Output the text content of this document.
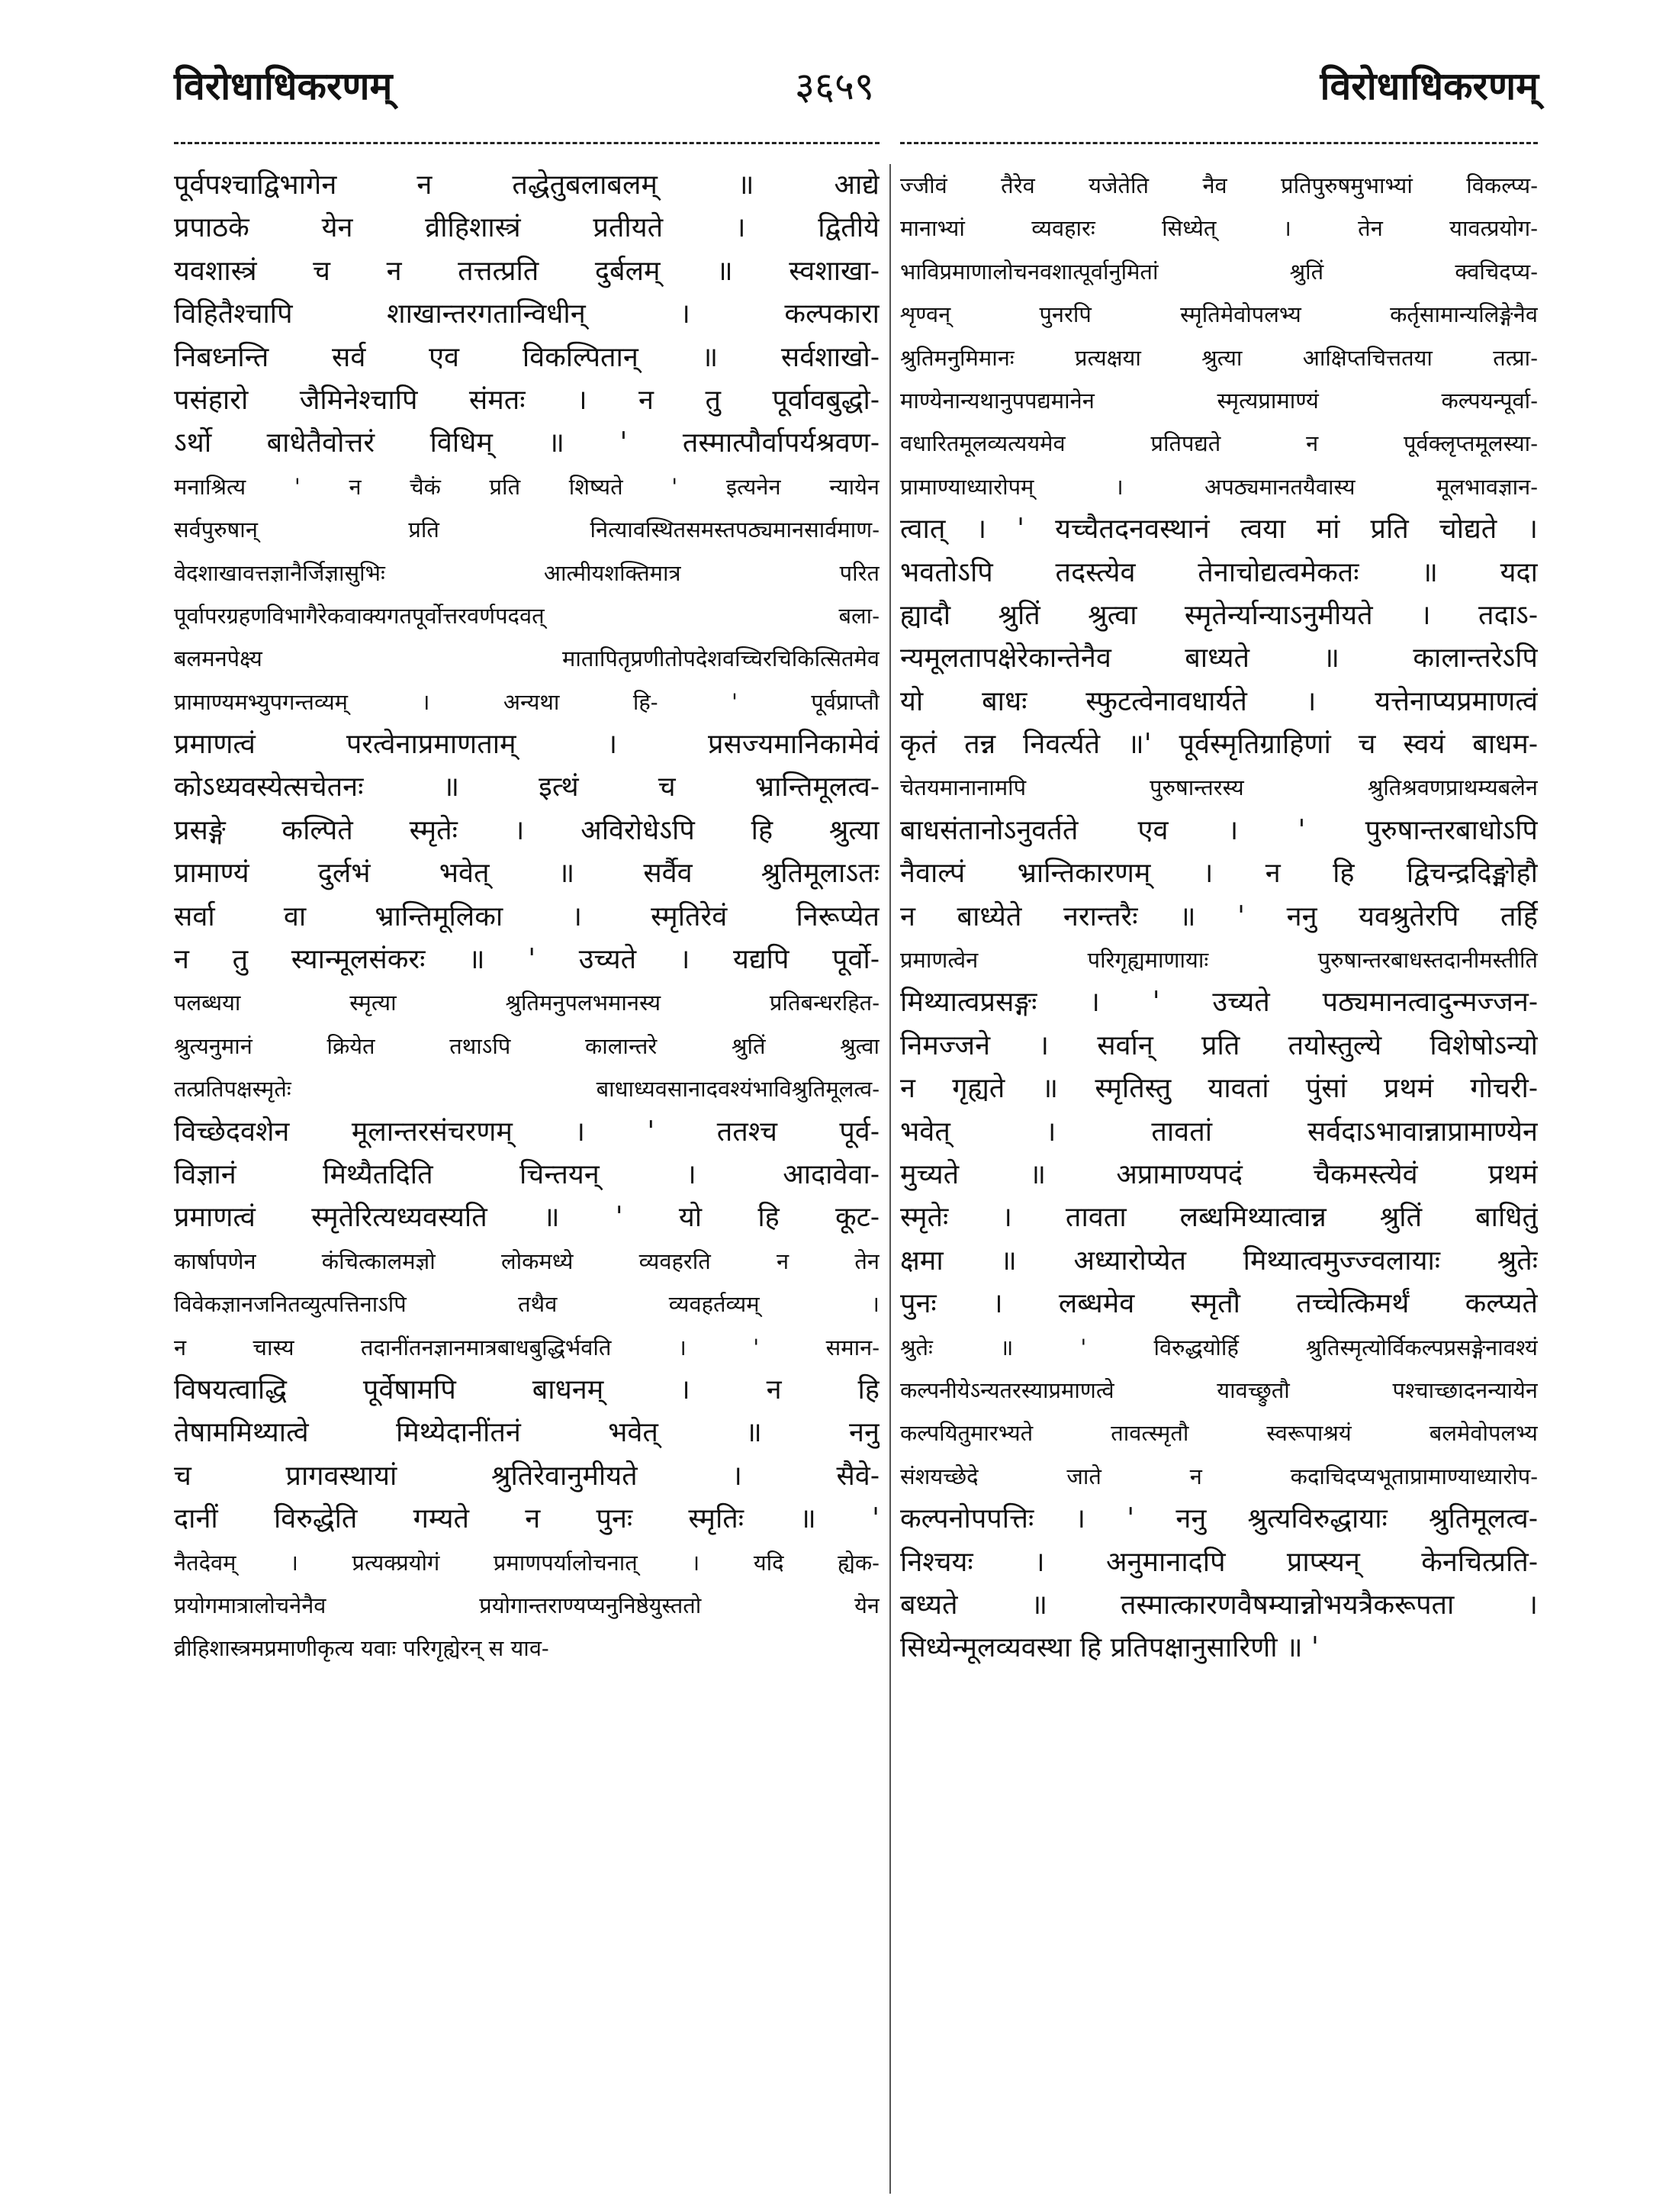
विरोधाधिकरणम्	३६५९	विरोधाधिकरणम्
पूर्वपश्चाद्विभागेन न तद्धेतुबलाबलम् ॥ आद्ये
प्रपाठके येन व्रीहिशास्त्रं प्रतीयते । द्वितीये
यवशास्त्रं च न तत्तत्प्रति दुर्बलम् ॥ स्वशाखा-
विहितैश्चापि शाखान्तरगतान्विधीन् । कल्पकारा
निबध्नन्ति सर्व एव विकल्पितान् ॥ सर्वशाखो-
पसंहारो जैमिनेश्चापि संमतः । न तु पूर्वावबुद्धो-
ऽर्थो बाधेतैवोत्तरं विधिम् ॥ ' तस्मात्पौर्वापर्यश्रवण-
मनाश्रित्य ' न चैकं प्रति शिष्यते ' इत्यनेन न्यायेन
सर्वपुरुषान् प्रति नित्यावस्थितसमस्तपठ्यमानसार्वमाण-
वेदशाखावत्तज्ञानैर्जिज्ञासुभिः आत्मीयशक्तिमात्र परित
पूर्वापरग्रहणविभागैरेकवाक्यगतपूर्वोत्तरवर्णपदवत् बला-
बलमनपेक्ष्य मातापितृप्रणीतोपदेशवच्चिरचिकित्सितमेव
प्रामाण्यमभ्युपगन्तव्यम् । अन्यथा हि- ' पूर्वप्राप्तौ
प्रमाणत्वं परत्वेनाप्रमाणताम् । प्रसज्यमानिकामेवं
कोऽध्यवस्येत्सचेतनः ॥ इत्थं च भ्रान्तिमूलत्व-
प्रसङ्गे कल्पिते स्मृतेः । अविरोधेऽपि हि श्रुत्या
प्रामाण्यं दुर्लभं भवेत् ॥ सर्वैव श्रुतिमूलाऽतः
सर्वा वा भ्रान्तिमूलिका । स्मृतिरेवं निरूप्येत
न तु स्यान्मूलसंकरः ॥ ' उच्यते । यद्यपि पूर्वो-
पलब्धया स्मृत्या श्रुतिमनुपलभमानस्य प्रतिबन्धरहित-
श्रुत्यनुमानं क्रियेत तथाऽपि कालान्तरे श्रुतिं श्रुत्वा
तत्प्रतिपक्षस्मृतेः बाधाध्यवसानादवश्यंभाविश्रुतिमूलत्व-
विच्छेदवशेन मूलान्तरसंचरणम् । ' ततश्च पूर्व-
विज्ञानं मिथ्यैतदिति चिन्तयन् । आदावेवा-
प्रमाणत्वं स्मृतेरित्यध्यवस्यति ॥ ' यो हि कूट-
कार्षापणेन कंचित्कालमज्ञो लोकमध्ये व्यवहरति न तेन
विवेकज्ञानजनितव्युत्पत्तिनाऽपि तथैव व्यवहर्तव्यम् ।
न चास्य तदानींतनज्ञानमात्रबाधबुद्धिर्भवति । ' समान-
विषयत्वाद्धि पूर्वेषामपि बाधनम् । न हि
तेषाममिथ्यात्वे मिथ्येदानींतनं भवेत् ॥ ननु
च प्रागवस्थायां श्रुतिरेवानुमीयते । सैवे-
दानीं विरुद्धेति गम्यते न पुनः स्मृतिः ॥ '
नैतदेवम् । प्रत्यक्प्रयोगं प्रमाणपर्यालोचनात् । यदि ह्येक-
प्रयोगमात्रालोचनेनैव प्रयोगान्तराण्यप्यनुनिष्ठेयुस्ततो येन
व्रीहिशास्त्रमप्रमाणीकृत्य यवाः परिगृह्येरन् स याव-
ज्जीवं तैरेव यजेतेति नैव प्रतिपुरुषमुभाभ्यां विकल्प्य-
मानाभ्यां व्यवहारः सिध्येत् । तेन यावत्प्रयोग-
भाविप्रमाणालोचनवशात्पूर्वानुमितां श्रुतिं क्वचिदप्य-
शृण्वन् पुनरपि स्मृतिमेवोपलभ्य कर्तृसामान्यलिङ्गेनैव
श्रुतिमनुमिमानः प्रत्यक्षया श्रुत्या आक्षिप्तचित्ततया तत्प्रा-
माण्येनान्यथानुपपद्यमानेन स्मृत्यप्रामाण्यं कल्पयन्पूर्वा-
वधारितमूलव्यत्ययमेव प्रतिपद्यते न पूर्वक्लृप्तमूलस्या-
प्रामाण्याध्यारोपम् । अपठ्यमानतयैवास्य मूलभावज्ञान-
त्वात् । ' यच्चैतदनवस्थानं त्वया मां प्रति चोद्यते ।
भवतोऽपि तदस्त्येव तेनाचोद्यत्वमेकतः ॥ यदा
ह्यादौ श्रुतिं श्रुत्वा स्मृतेर्न्यान्याऽनुमीयते । तदाऽ-
न्यमूलतापक्षेरेकान्तेनैव बाध्यते ॥ कालान्तरेऽपि
यो बाधः स्फुटत्वेनावधार्यते । यत्तेनाप्यप्रमाणत्वं
कृतं तन्न निवर्त्यते ॥' पूर्वस्मृतिग्राहिणां च स्वयं बाधम-
चेतयमानानामपि पुरुषान्तरस्य श्रुतिश्रवणप्राथम्यबलेन
बाधसंतानोऽनुवर्तते एव । ' पुरुषान्तरबाधोऽपि
नैवाल्पं भ्रान्तिकारणम् । न हि द्विचन्द्रदिङ्मोहौ
न बाध्येते नरान्तरैः ॥ ' ननु यवश्रुतेरपि तर्हि
प्रमाणत्वेन परिगृह्यमाणायाः पुरुषान्तरबाधस्तदानीमस्तीति
मिथ्यात्वप्रसङ्गः । ' उच्यते पठ्यमानत्वादुन्मज्जन-
निमज्जने । सर्वान् प्रति तयोस्तुल्ये विशेषोऽन्यो
न गृह्यते ॥ स्मृतिस्तु यावतां पुंसां प्रथमं गोचरी-
भवेत् । तावतां सर्वदाऽभावान्नाप्रामाण्येन
मुच्यते ॥ अप्रामाण्यपदं चैकमस्त्येवं प्रथमं
स्मृतेः । तावता लब्धमिथ्यात्वान्न श्रुतिं बाधितुं
क्षमा ॥ अध्यारोप्येत मिथ्यात्वमुज्ज्वलायाः श्रुतेः
पुनः । लब्धमेव स्मृतौ तच्चेत्किमर्थं कल्प्यते
श्रुतेः ॥ ' विरुद्धयोर्हि श्रुतिस्मृत्योर्विकल्पप्रसङ्गेनावश्यं
कल्पनीयेऽन्यतरस्याप्रमाणत्वे यावच्छ्रुतौ पश्चाच्छादनन्यायेन
कल्पयितुमारभ्यते तावत्स्मृतौ स्वरूपाश्रयं बलमेवोपलभ्य
संशयच्छेदे जाते न कदाचिदप्यभूताप्रामाण्याध्यारोप-
कल्पनोपपत्तिः । ' ननु श्रुत्यविरुद्धायाः श्रुतिमूलत्व-
निश्चयः । अनुमानादपि प्राप्स्यन् केनचित्प्रति-
बध्यते ॥ तस्मात्कारणवैषम्यान्नोभयत्रैकरूपता ।
सिध्येन्मूलव्यवस्था हि प्रतिपक्षानुसारिणी ॥ '
